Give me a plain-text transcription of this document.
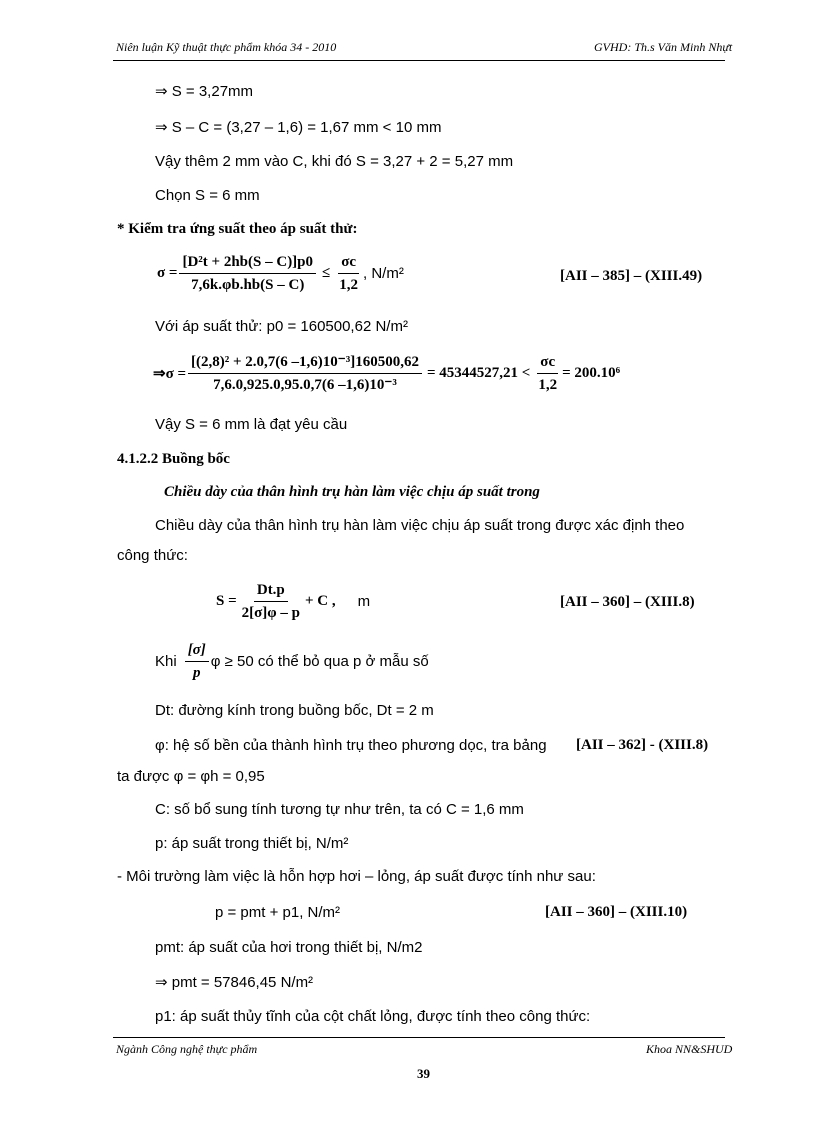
Niên luận Kỹ thuật thực phẩm khóa 34 - 2010	GVHD: Th.s Văn Minh Nhựt
⇒ S = 3,27mm
⇒ S – C = (3,27 – 1,6) = 1,67 mm < 10 mm
Vậy thêm 2 mm vào C, khi đó S = 3,27 + 2 = 5,27 mm
Chọn S = 6 mm
* Kiểm tra ứng suất theo áp suất thử:
$\sigma = \frac{\text{[D²t + 2hb(S – C)]p0}}{7,6k.\varphi b.hb(S - C)} \le \frac{\sigma c}{1,2}$ , N/m²	[AII – 385] – (XIII.49)
Với áp suất thử: p0 = 160500,62 N/m²
⇒σ = $\frac{\text{[(2,8)² + 2.0,7(6 –1,6)10⁻³]160500,62}}{\text{7,6.0,925.0,95.0,7(6 –1,6)10⁻³}} = 45344527,21 < \frac{\sigma c}{1,2} = 200.10^6$
Vậy S = 6 mm là đạt yêu cầu
4.1.2.2 Buồng bốc
Chiều dày của thân hình trụ hàn làm việc chịu áp suất trong
Chiều dày của thân hình trụ hàn làm việc chịu áp suất trong được xác định theo
công thức:
$S = \frac{Dt.p}{2[\sigma]\varphi - p} + C$ , m	[AII – 360] – (XIII.8)
Khi $\frac{[\sigma]}{p}$ φ ≥ 50 có thể bỏ qua p ở mẫu số
Dt: đường kính trong buồng bốc, Dt = 2 m
φ: hệ số bền của thành hình trụ theo phương dọc, tra bảng [AII – 362] - (XIII.8)
ta được φ = φh = 0,95
C: số bổ sung tính tương tự như trên, ta có C = 1,6 mm
p: áp suất trong thiết bị, N/m²
- Môi trường làm việc là hỗn hợp hơi – lỏng, áp suất được tính như sau:
p = pmt + p1, N/m²	[AII – 360] – (XIII.10)
pmt: áp suất của hơi trong thiết bị, N/m2
⇒ pmt = 57846,45 N/m²
p1: áp suất thủy tĩnh của cột chất lỏng, được tính theo công thức:
Ngành Công nghệ thực phẩm	Khoa NN&SHUD
39
